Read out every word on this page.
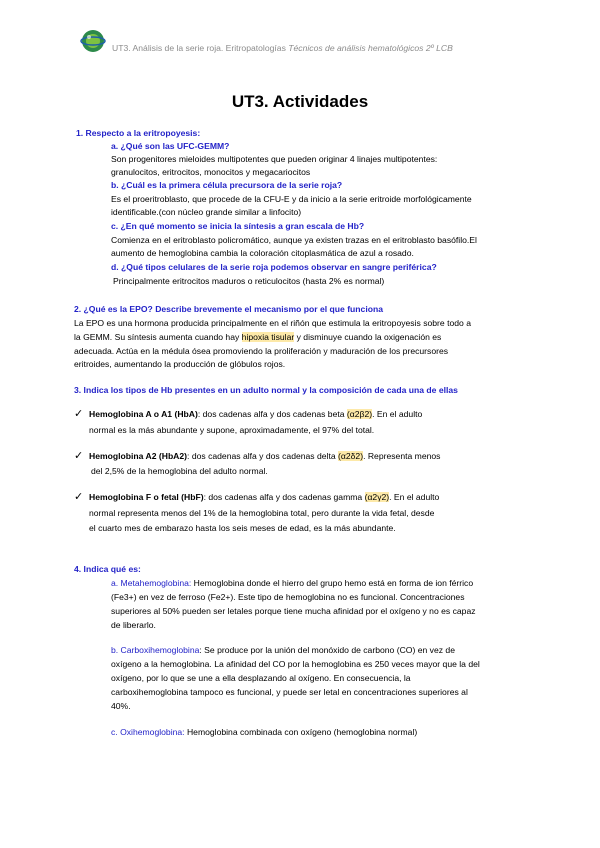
UT3. Análisis de la serie roja. Eritropatologías Técnicos de análisis hematológicos 2º LCB
UT3. Actividades
1. Respecto a la eritropoyesis:
a. ¿Qué son las UFC-GEMM?
Son progenitores mieloides multipotentes que pueden originar 4 linajes multipotentes:
granulocitos, eritrocitos, monocitos y megacariocitos
b. ¿Cuál es la primera célula precursora de la serie roja?
Es el proeritroblasto, que procede de la CFU-E y da inicio a la serie eritroide morfológicamente
identificable.(con núcleo grande similar a linfocito)
c. ¿En qué momento se inicia la síntesis a gran escala de Hb?
Comienza en el eritroblasto policromático, aunque ya existen trazas en el eritroblasto basófilo.El
aumento de hemoglobina cambia la coloración citoplasmática de azul a rosado.
d. ¿Qué tipos celulares de la serie roja podemos observar en sangre periférica?
Principalmente eritrocitos maduros o reticulocitos (hasta 2% es normal)
2. ¿Qué es la EPO? Describe brevemente el mecanismo por el que funciona
La EPO es una hormona producida principalmente en el riñón que estimula la eritropoyesis sobre todo a
la GEMM. Su síntesis aumenta cuando hay hipoxia tisular y disminuye cuando la oxigenación es
adecuada. Actúa en la médula ósea promoviendo la proliferación y maduración de los precursores
eritroides, aumentando la producción de glóbulos rojos.
3. Indica los tipos de Hb presentes en un adulto normal y la composición de cada una de ellas
✓ Hemoglobina A o A1 (HbA): dos cadenas alfa y dos cadenas beta (α2β2). En el adulto
normal es la más abundante y supone, aproximadamente, el 97% del total.
✓ Hemoglobina A2 (HbA2): dos cadenas alfa y dos cadenas delta (α2δ2). Representa menos
del 2,5% de la hemoglobina del adulto normal.
✓ Hemoglobina F o fetal (HbF): dos cadenas alfa y dos cadenas gamma (α2γ2). En el adulto
normal representa menos del 1% de la hemoglobina total, pero durante la vida fetal, desde
el cuarto mes de embarazo hasta los seis meses de edad, es la más abundante.
4. Indica qué es:
a. Metahemoglobina: Hemoglobina donde el hierro del grupo hemo está en forma de ion férrico
(Fe3+) en vez de ferroso (Fe2+). Este tipo de hemoglobina no es funcional. Concentraciones
superiores al 50% pueden ser letales porque tiene mucha afinidad por el oxígeno y no es capaz
de liberarlo.
b. Carboxihemoglobina: Se produce por la unión del monóxido de carbono (CO) en vez de
oxígeno a la hemoglobina. La afinidad del CO por la hemoglobina es 250 veces mayor que la del
oxígeno, por lo que se une a ella desplazando al oxígeno. En consecuencia, la
carboxihemoglobina tampoco es funcional, y puede ser letal en concentraciones superiores al
40%.
c. Oxihemoglobina: Hemoglobina combinada con oxígeno (hemoglobina normal)
